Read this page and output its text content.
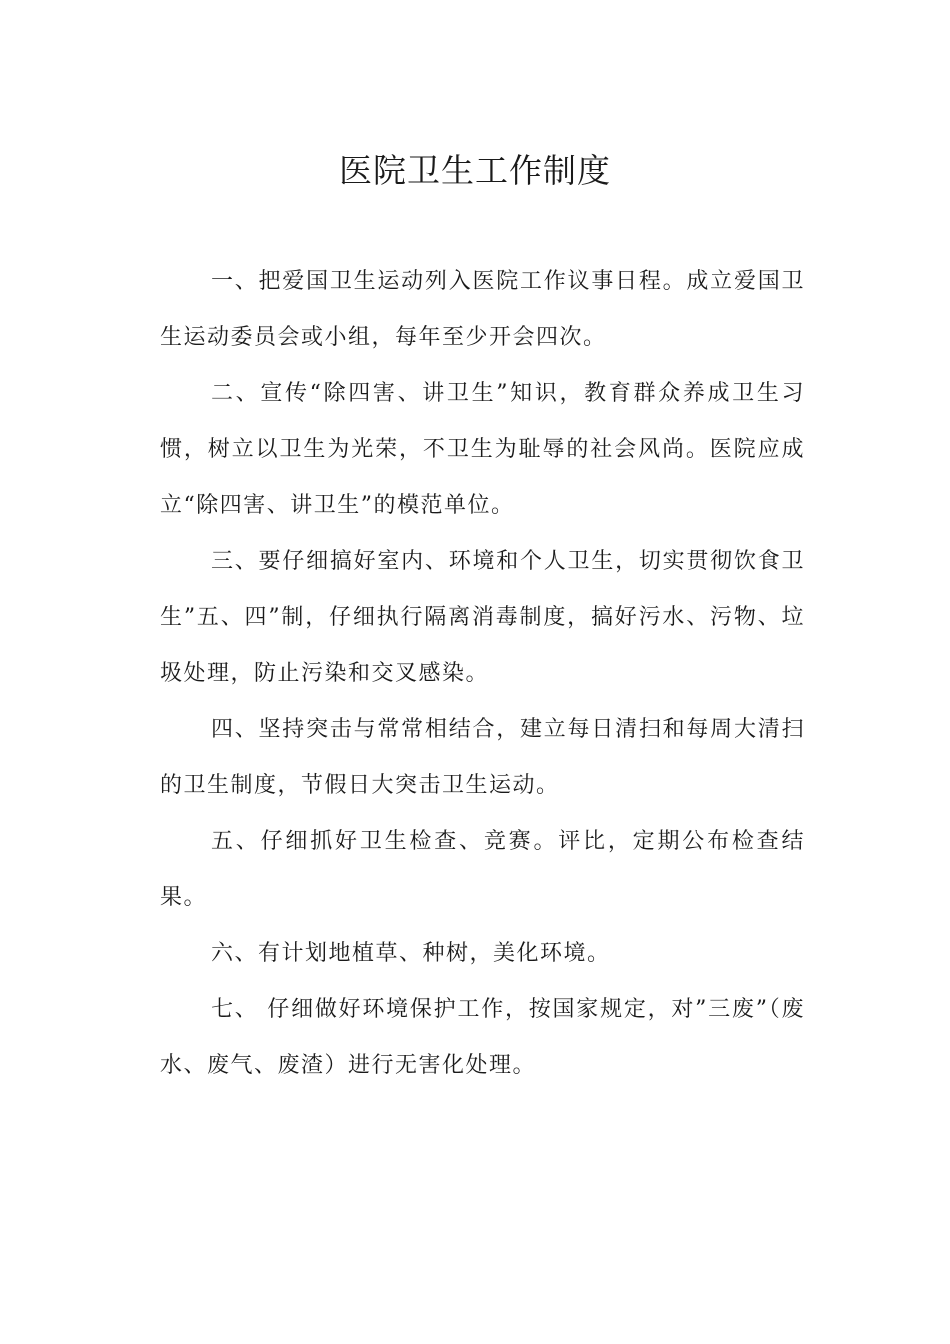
医院卫生工作制度

一、把爱国卫生运动列入医院工作议事日程。成立爱国卫生运动委员会或小组，每年至少开会四次。

二、宣传“除四害、讲卫生”知识，教育群众养成卫生习惯，树立以卫生为光荣，不卫生为耻辱的社会风尚。医院应成立“除四害、讲卫生”的模范单位。

三、要仔细搞好室内、环境和个人卫生，切实贯彻饮食卫生”五、四”制，仔细执行隔离消毒制度，搞好污水、污物、垃圾处理，防止污染和交叉感染。

四、坚持突击与常常相结合，建立每日清扫和每周大清扫的卫生制度，节假日大突击卫生运动。

五、仔细抓好卫生检查、竞赛。评比，定期公布检查结果。

六、有计划地植草、种树，美化环境。

七、 仔细做好环境保护工作，按国家规定，对”三废”（废水、废气、废渣）进行无害化处理。
